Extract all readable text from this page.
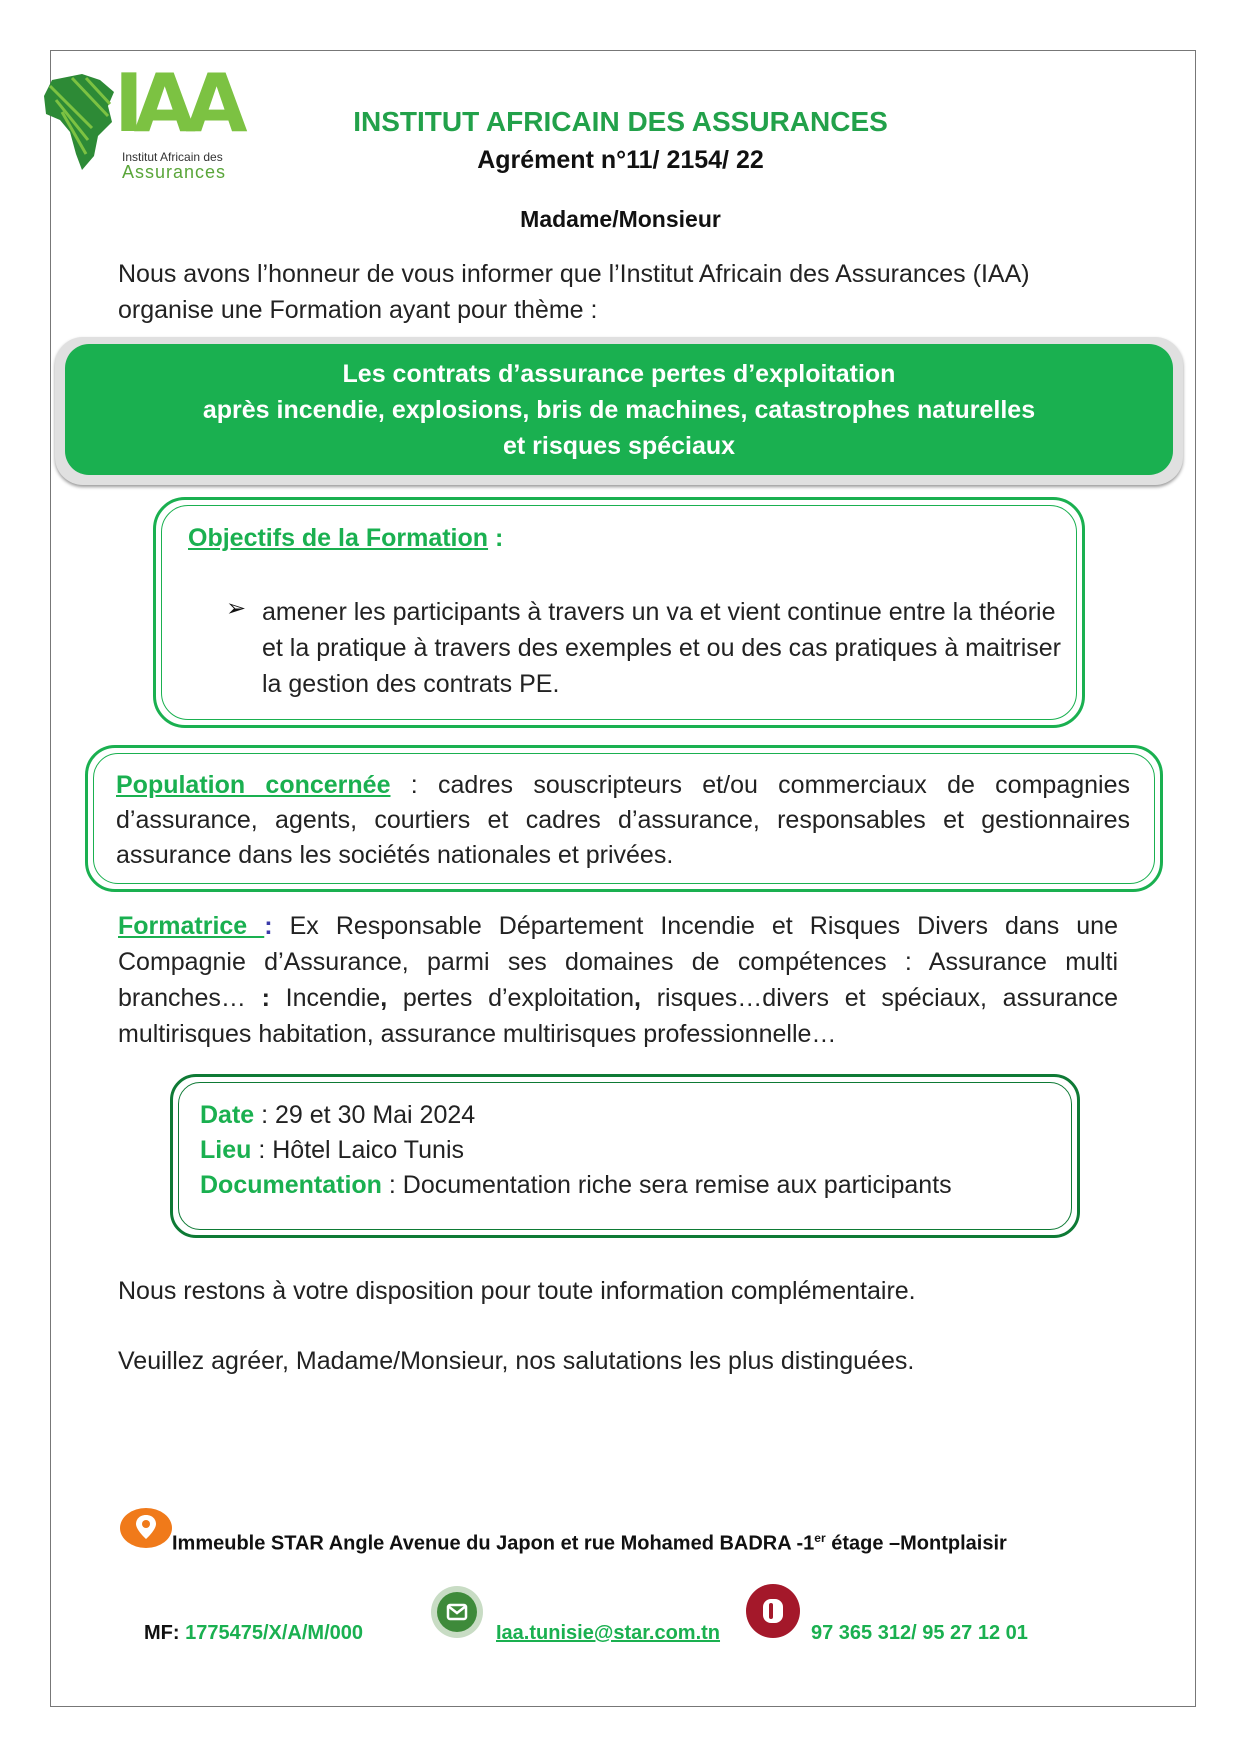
IAA
Institut Africain des
Assurances
INSTITUT AFRICAIN DES ASSURANCES
Agrément n°11/ 2154/ 22
Madame/Monsieur
Nous avons l’honneur de vous informer que l’Institut Africain des Assurances (IAA) organise une Formation ayant pour thème :
Les contrats d’assurance pertes d’exploitation
après incendie, explosions, bris de machines, catastrophes naturelles
et risques spéciaux
Objectifs de la Formation :
➢ amener les participants à travers un va et vient continue entre la théorie et la pratique à travers des exemples et ou des cas pratiques à maitriser la gestion des contrats PE.
Population concernée : cadres souscripteurs et/ou commerciaux de compagnies d’assurance, agents, courtiers et cadres d’assurance, responsables et gestionnaires assurance dans les sociétés nationales et privées.
Formatrice : Ex Responsable Département Incendie et Risques Divers dans une Compagnie d’Assurance, parmi ses domaines de compétences : Assurance multi branches… : Incendie, pertes d’exploitation, risques…divers et spéciaux, assurance multirisques habitation, assurance multirisques professionnelle…
Date : 29 et 30 Mai 2024
Lieu : Hôtel Laico Tunis
Documentation : Documentation riche sera remise aux participants
Nous restons à votre disposition pour toute information complémentaire.
Veuillez agréer, Madame/Monsieur, nos salutations les plus distinguées.
Immeuble STAR Angle Avenue du Japon et rue Mohamed BADRA -1er étage –Montplaisir
MF: 1775475/X/A/M/000	Iaa.tunisie@star.com.tn	97 365 312/ 95 27 12 01
